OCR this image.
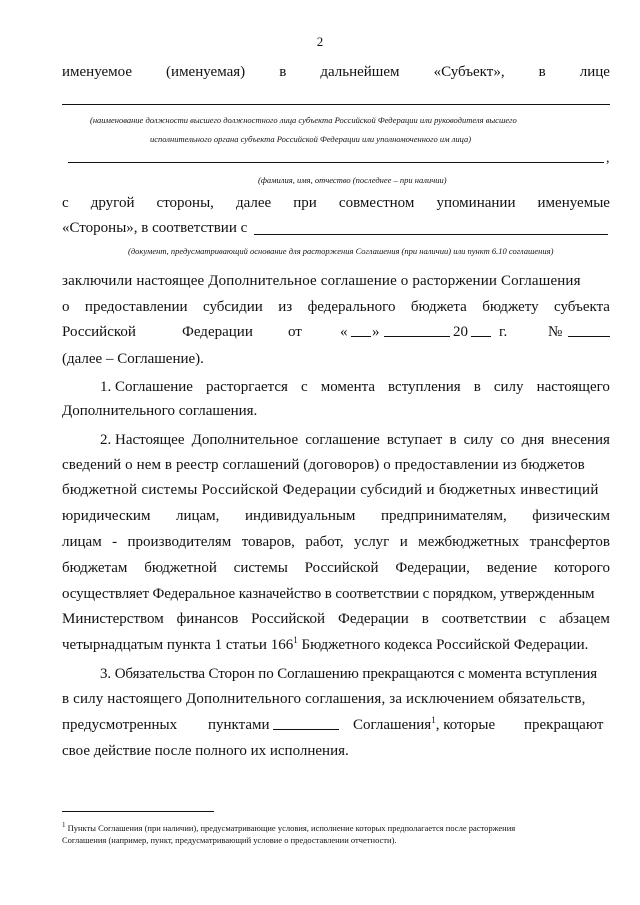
2
именуемое (именуемая) в дальнейшем «Субъект», в лице
(наименование должности высшего должностного лица субъекта Российской Федерации или руководителя высшего
исполнительного органа субъекта Российской Федерации или уполномоченного им лица)
,
(фамилия, имя, отчество (последнее – при наличии)
с другой стороны, далее при совместном упоминании именуемые
«Стороны», в соответствии с
(документ, предусматривающий основание для расторжения Соглашения (при наличии) или пункт 6.10 соглашения)
заключили настоящее Дополнительное соглашение о расторжении Соглашения
о предоставлении субсидии из федерального бюджета бюджету субъекта
Российской	Федерации от	« »	20 г.	№
(далее – Соглашение).
1. Соглашение расторгается с момента вступления в силу настоящего
Дополнительного соглашения.
2. Настоящее Дополнительное соглашение вступает в силу со дня внесения
сведений о нем в реестр соглашений (договоров) о предоставлении из бюджетов
бюджетной системы Российской Федерации субсидий и бюджетных инвестиций
юридическим лицам, индивидуальным предпринимателям, физическим
лицам - производителям товаров, работ, услуг и межбюджетных трансфертов
бюджетам бюджетной системы Российской Федерации, ведение которого
осуществляет Федеральное казначейство в соответствии с порядком, утвержденным
Министерством финансов Российской Федерации в соответствии с абзацем
четырнадцатым пункта 1 статьи $166^1$ Бюджетного кодекса Российской Федерации.
3. Обязательства Сторон по Соглашению прекращаются с момента вступления
в силу настоящего Дополнительного соглашения, за исключением обязательств,
предусмотренных пунктами	Соглашения$^1$, которые прекращают
свое действие после полного их исполнения.
$^1$ Пункты Соглашения (при наличии), предусматривающие условия, исполнение которых предполагается после расторжения
Соглашения (например, пункт, предусматривающий условие о предоставлении отчетности).
